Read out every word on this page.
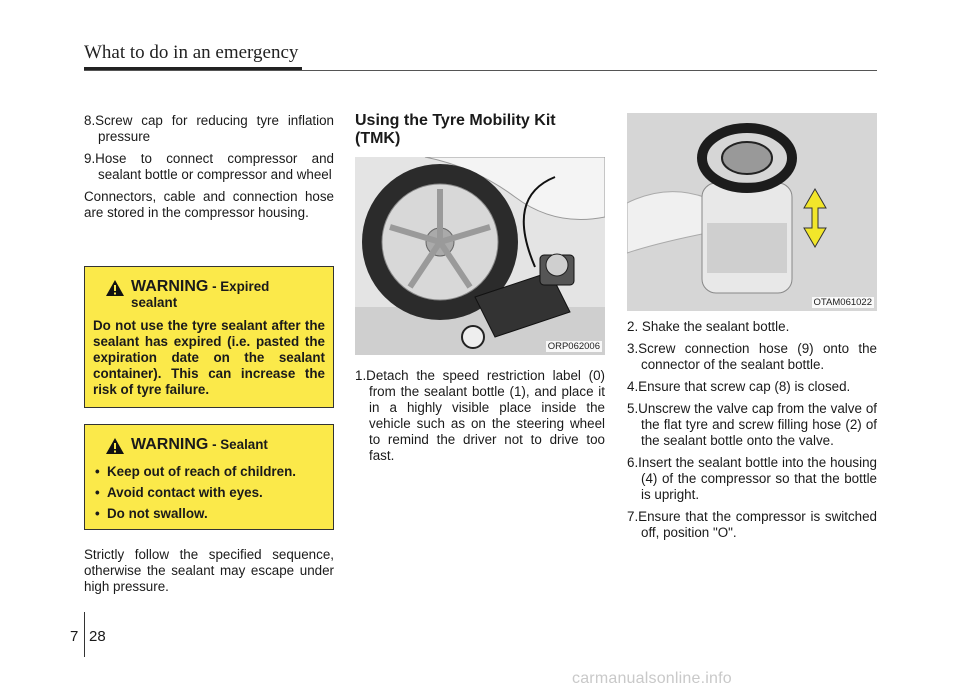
What to do in an emergency

8.Screw cap for reducing tyre inflation pressure

9.Hose to connect compressor and sealant bottle or compressor and wheel

Connectors, cable and connection hose are stored in the compressor housing.

WARNING - Expired sealant
Do not use the tyre sealant after the sealant has expired (i.e. pasted the expiration date on the sealant container). This can increase the risk of tyre failure.
WARNING - Sealant
• Keep out of reach of children.
• Avoid contact with eyes.
• Do not swallow.
Strictly follow the specified sequence, otherwise the sealant may escape under high pressure.
Using the Tyre Mobility Kit (TMK)
ORP062006

1.Detach the speed restriction label (0) from the sealant bottle (1), and place it in a highly visible place inside the vehicle such as on the steering wheel to remind the driver not to drive too fast.

OTAM061022

2. Shake the sealant bottle.

3.Screw connection hose (9) onto the connector of the sealant bottle.

4.Ensure that screw cap (8) is closed.

5.Unscrew the valve cap from the valve of the flat tyre and screw filling hose (2) of the sealant bottle onto the valve.

6.Insert the sealant bottle into the housing (4) of the compressor so that the bottle is upright.

7.Ensure that the compressor is switched off, position "O".

7 28
carmanualsonline.info
